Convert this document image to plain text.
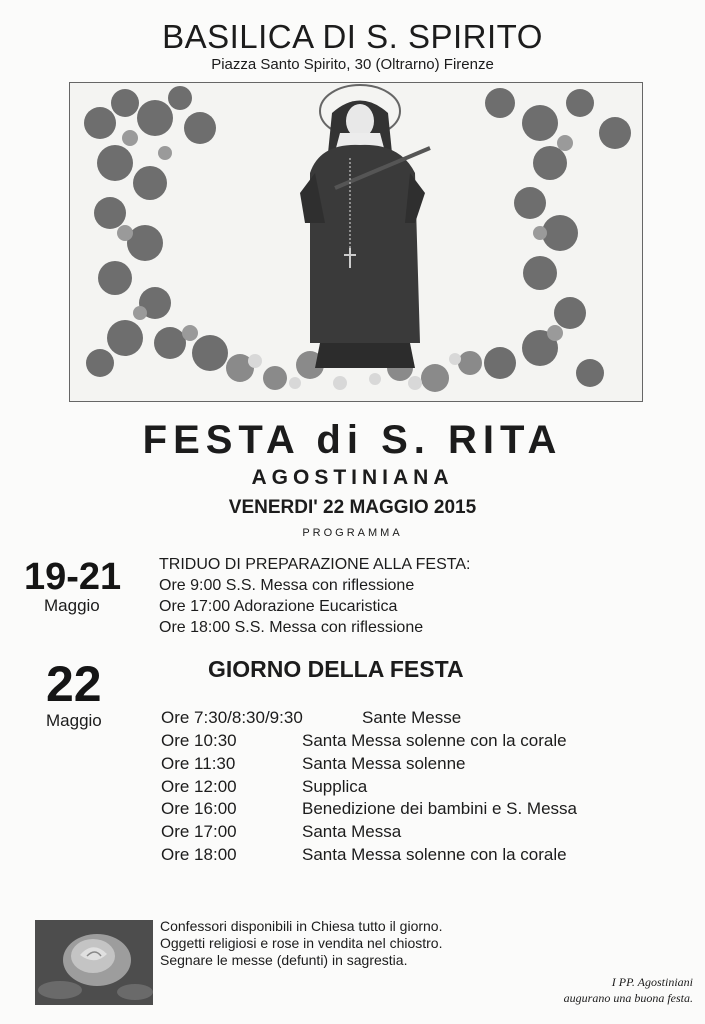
BASILICA DI S. SPIRITO
Piazza Santo Spirito, 30 (Oltrarno) Firenze
FESTA di S. RITA
AGOSTINIANA
VENERDI' 22 MAGGIO 2015
PROGRAMMA
19-21
Maggio
TRIDUO DI PREPARAZIONE ALLA FESTA:
Ore 9:00 S.S. Messa con riflessione
Ore 17:00 Adorazione Eucaristica
Ore 18:00 S.S. Messa con riflessione
22
Maggio
GIORNO DELLA FESTA
Ore 7:30/8:30/9:30	Sante Messe
Ore 10:30	Santa Messa solenne con la corale
Ore 11:30	Santa Messa solenne
Ore 12:00	Supplica
Ore 16:00	Benedizione dei bambini e S. Messa
Ore 17:00	Santa Messa
Ore 18:00	Santa Messa solenne con la corale
Confessori disponibili in Chiesa tutto il giorno.
Oggetti religiosi e rose in vendita nel chiostro.
Segnare le messe (defunti) in sagrestia.
I PP. Agostiniani
augurano una buona festa.
